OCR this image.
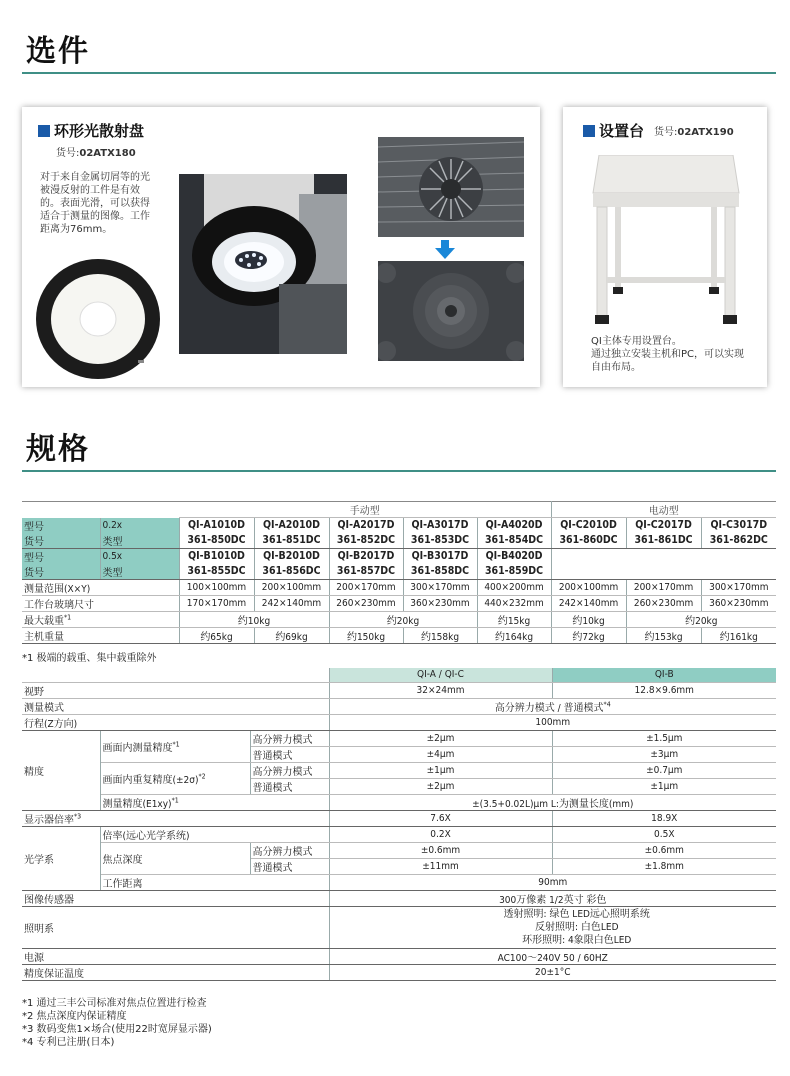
选件
环形光散射盘
货号:02ATX180
对于来自金属切屑等的光
被漫反射的工件是有效
的。表面光滑，可以获得
适合于测量的图像。工作
距离为76mm。
设置台 货号:02ATX190
QI主体专用设置台。
通过独立安装主机和PC，可以实现
自由布局。
规格
		手动型					电动型		
型号	0.2x	QI-A1010D	QI-A2010D	QI-A2017D	QI-A3017D	QI-A4020D	QI-C2010D	QI-C2017D	QI-C3017D
货号	类型	361-850DC	361-851DC	361-852DC	361-853DC	361-854DC	361-860DC	361-861DC	361-862DC
型号	0.5x	QI-B1010D	QI-B2010D	QI-B2017D	QI-B3017D	QI-B4020D			
货号	类型	361-855DC	361-856DC	361-857DC	361-858DC	361-859DC			
测量范围(X×Y)		100×100mm	200×100mm	200×170mm	300×170mm	400×200mm	200×100mm	200×170mm	300×170mm
工作台玻璃尺寸		170×170mm	242×140mm	260×230mm	360×230mm	440×232mm	242×140mm	260×230mm	360×230mm
最大载重$^{*1}$		约10kg		约20kg		约15kg	约10kg	约20kg	
主机重量		约65kg	约69kg	约150kg	约158kg	约164kg	约72kg	约153kg	约161kg
*1 极端的载重、集中载重除外
			QI-A / QI-C	QI-B
视野			32×24mm	12.8×9.6mm
测量模式			高分辨力模式 / 普通模式$^{*4}$
行程(Z方向)			100mm	
精度	画面内测量精度$^{*1}$	高分辨力模式	±2μm	±1.5μm
		普通模式	±4μm	±3μm
	画面内重复精度$(\pm 2\sigma)^{*2}$	高分辨力模式	±1μm	±0.7μm
		普通模式	±2μm	±1μm
	测量精度$(E1xy)^{*1}$		±(3.5+0.02L)μm L:为测量长度(mm)	
显示器倍率$^{*3}$			7.6X	18.9X
光学系	倍率(远心光学系统)		0.2X	0.5X
	焦点深度	高分辨力模式	±0.6mm	±0.6mm
		普通模式	±11mm	±1.8mm
	工作距离		90mm	
图像传感器			300万像素 1/2英寸 彩色	
照明系			透射照明: 绿色 LED远心照明系统
反射照明: 白色LED
环形照明: 4象限白色LED	

电源			AC100～240V 50 / 60HZ	
精度保证温度			20±1°C	
*1 通过三丰公司标准对焦点位置进行检查
*2 焦点深度内保证精度
*3 数码变焦1×场合(使用22时宽屏显示器)
*4 专利已注册(日本)
